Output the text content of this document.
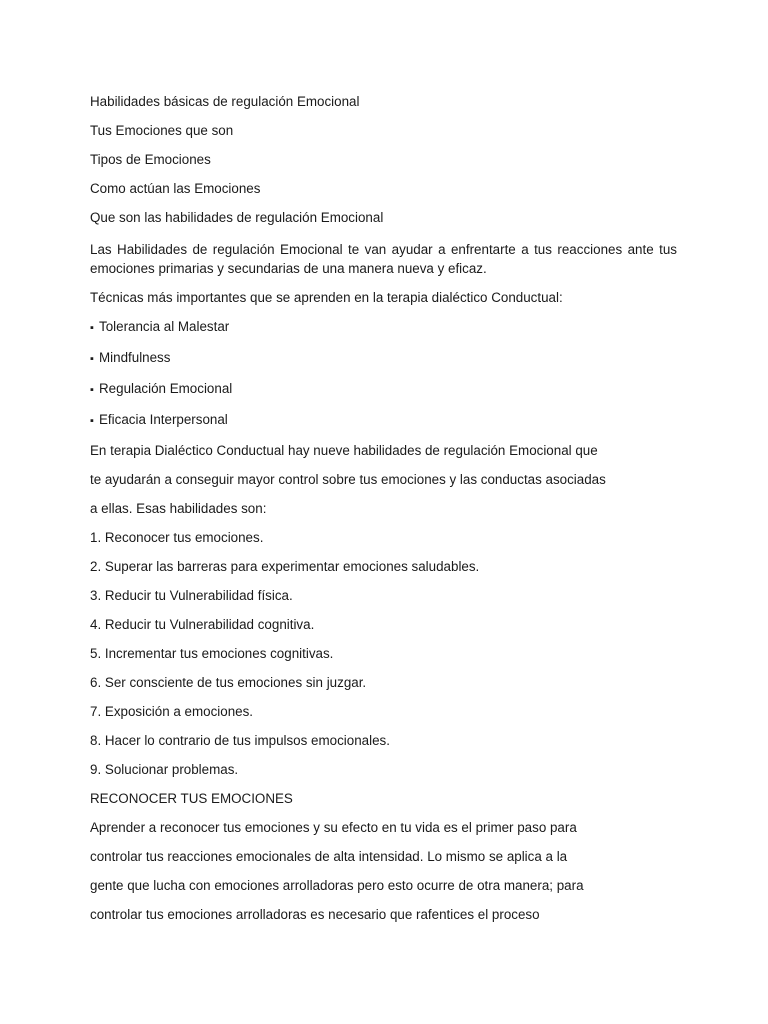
Habilidades básicas de regulación Emocional

Tus Emociones que son

Tipos de Emociones

Como actúan las Emociones

Que son las habilidades de regulación Emocional

Las Habilidades de regulación Emocional te van ayudar a enfrentarte a tus reacciones ante tus emociones primarias y secundarias de una manera nueva y eficaz.

Técnicas más importantes que se aprenden en la terapia dialéctico Conductual:

▪ Tolerancia al Malestar

▪ Mindfulness

▪ Regulación Emocional

▪ Eficacia Interpersonal

En terapia Dialéctico Conductual hay nueve habilidades de regulación Emocional que

te ayudarán a conseguir mayor control sobre tus emociones y las conductas asociadas

a ellas. Esas habilidades son:

1. Reconocer tus emociones.

2. Superar las barreras para experimentar emociones saludables.

3. Reducir tu Vulnerabilidad física.

4. Reducir tu Vulnerabilidad cognitiva.

5. Incrementar tus emociones cognitivas.

6. Ser consciente de tus emociones sin juzgar.

7. Exposición a emociones.

8. Hacer lo contrario de tus impulsos emocionales.

9. Solucionar problemas.

RECONOCER TUS EMOCIONES

Aprender a reconocer tus emociones y su efecto en tu vida es el primer paso para

controlar tus reacciones emocionales de alta intensidad. Lo mismo se aplica a la

gente que lucha con emociones arrolladoras pero esto ocurre de otra manera; para

controlar tus emociones arrolladoras es necesario que rafentices el proceso
